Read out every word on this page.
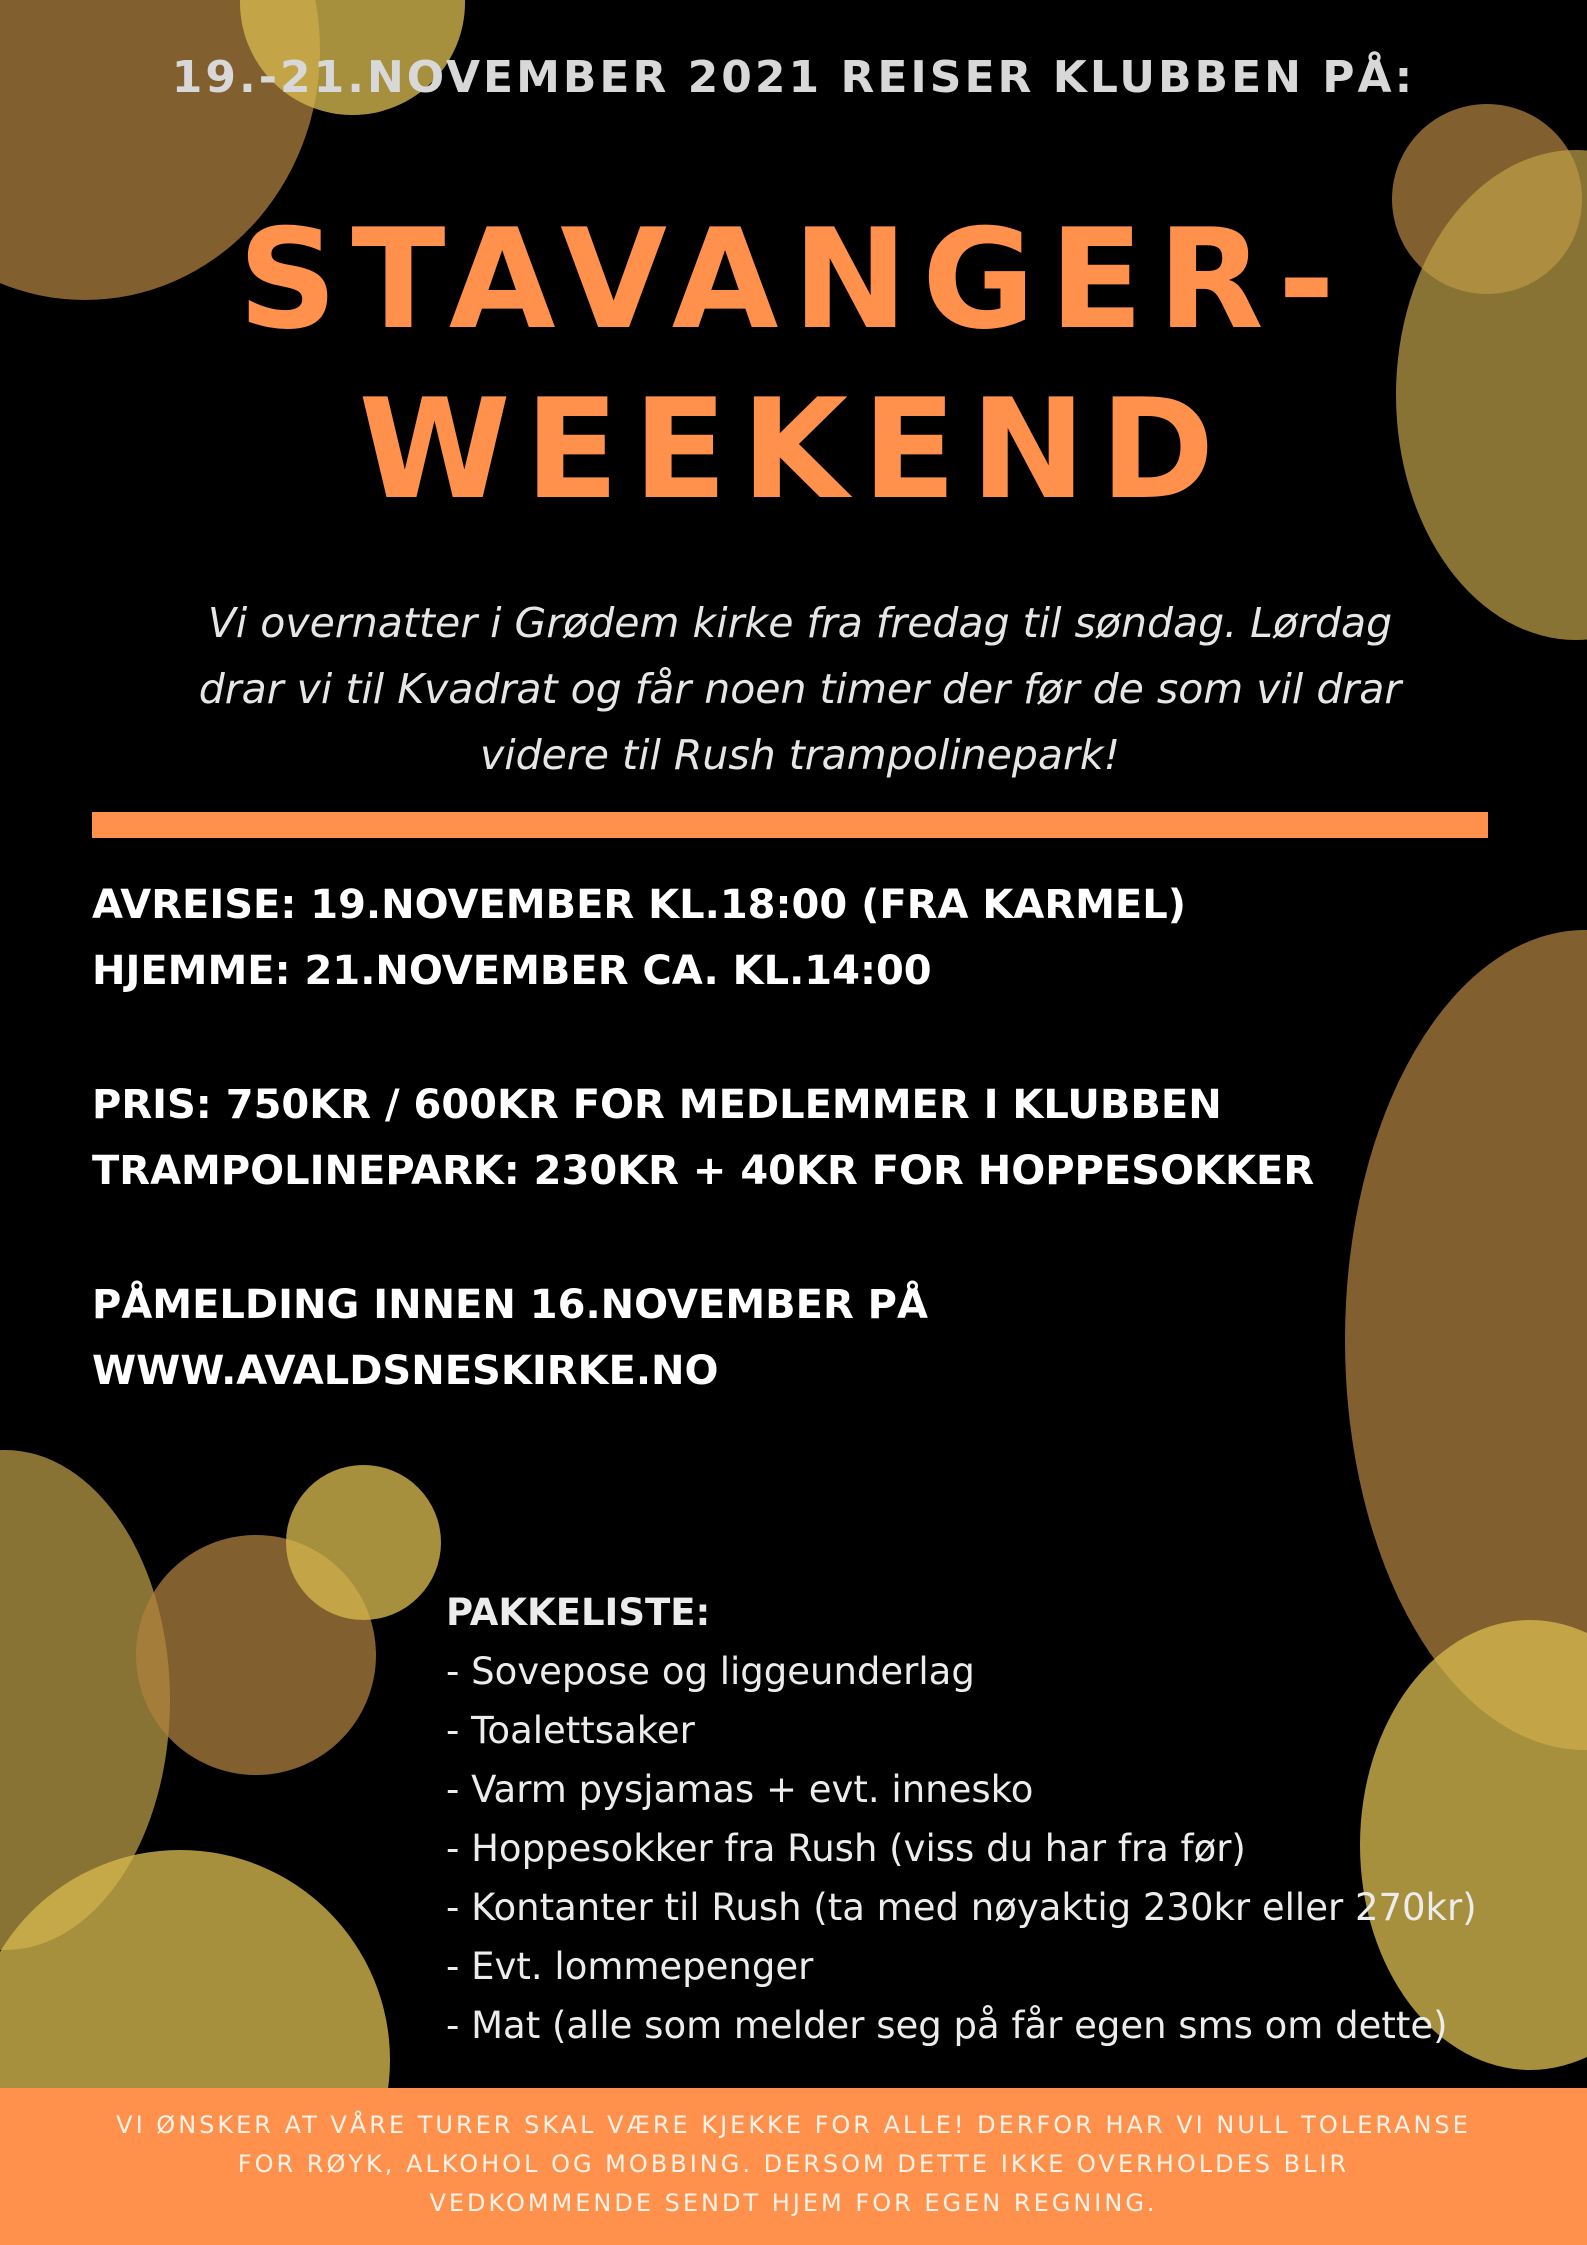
19.-21.NOVEMBER 2021 REISER KLUBBEN PÅ:
STAVANGER-
WEEKEND
Vi overnatter i Grødem kirke fra fredag til søndag. Lørdag
drar vi til Kvadrat og får noen timer der før de som vil drar
videre til Rush trampolinepark!
AVREISE: 19.NOVEMBER KL.18:00 (FRA KARMEL)
HJEMME: 21.NOVEMBER CA. KL.14:00
PRIS: 750KR / 600KR FOR MEDLEMMER I KLUBBEN
TRAMPOLINEPARK: 230KR + 40KR FOR HOPPESOKKER
PÅMELDING INNEN 16.NOVEMBER PÅ
WWW.AVALDSNESKIRKE.NO
PAKKELISTE:
- Sovepose og liggeunderlag
- Toalettsaker
- Varm pysjamas + evt. innesko
- Hoppesokker fra Rush (viss du har fra før)
- Kontanter til Rush (ta med nøyaktig 230kr eller 270kr)
- Evt. lommepenger
- Mat (alle som melder seg på får egen sms om dette)
VI ØNSKER AT VÅRE TURER SKAL VÆRE KJEKKE FOR ALLE! DERFOR HAR VI NULL TOLERANSE
FOR RØYK, ALKOHOL OG MOBBING. DERSOM DETTE IKKE OVERHOLDES BLIR
VEDKOMMENDE SENDT HJEM FOR EGEN REGNING.
